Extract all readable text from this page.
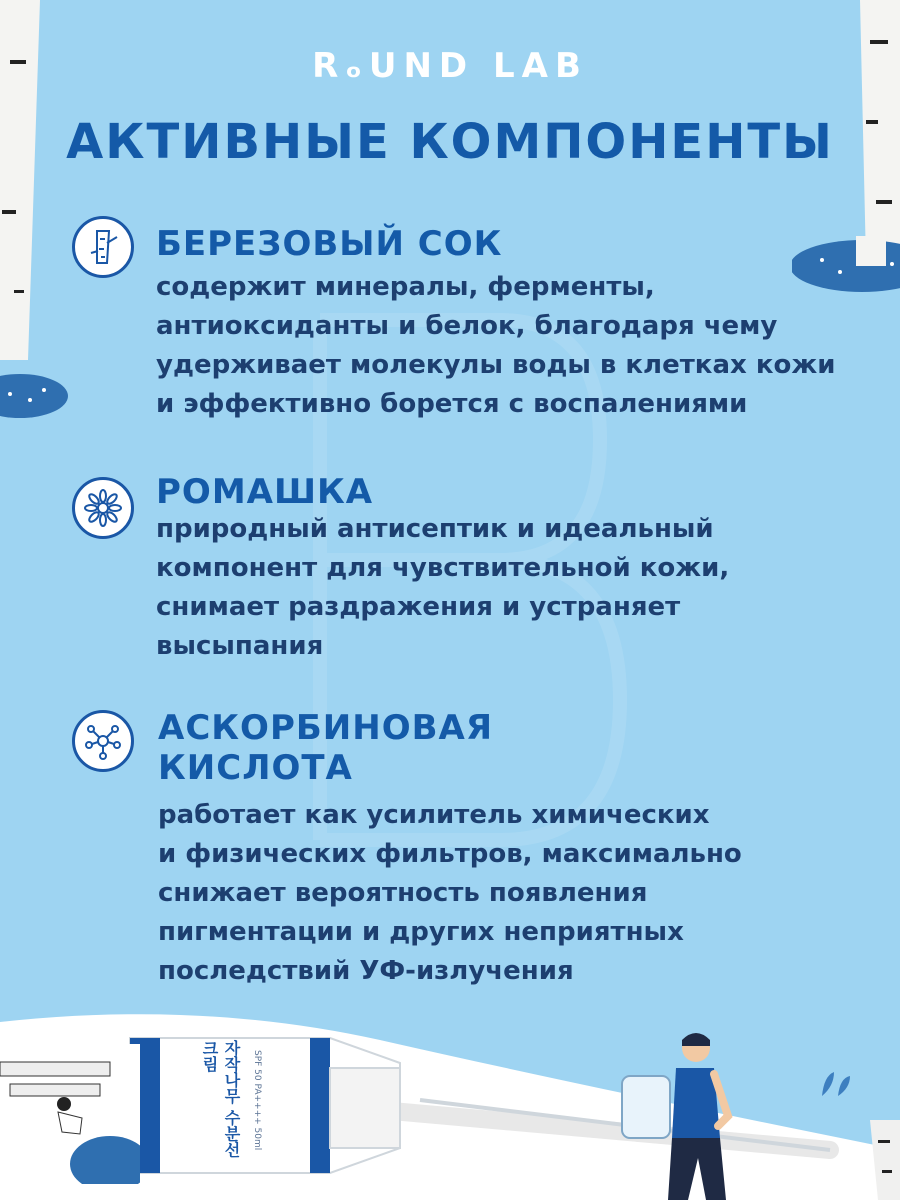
RₒUND LAB
АКТИВНЫЕ КОМПОНЕНТЫ
БЕРЕЗОВЫЙ СОК
содержит минералы, ферменты,
антиоксиданты и белок, благодаря чему
удерживает молекулы воды в клетках кожи
и эффективно борется с воспалениями
РОМАШКА
природный антисептик и идеальный
компонент для чувствительной кожи,
снимает раздражения и устраняет
высыпания
АСКОРБИНОВАЯ
КИСЛОТА
работает как усилитель химических
и физических фильтров, максимально
снижает вероятность появления
пигментации и других неприятных
последствий УФ-излучения
자작나무 수분선크림	SPF 50 PA++++ 50ml
